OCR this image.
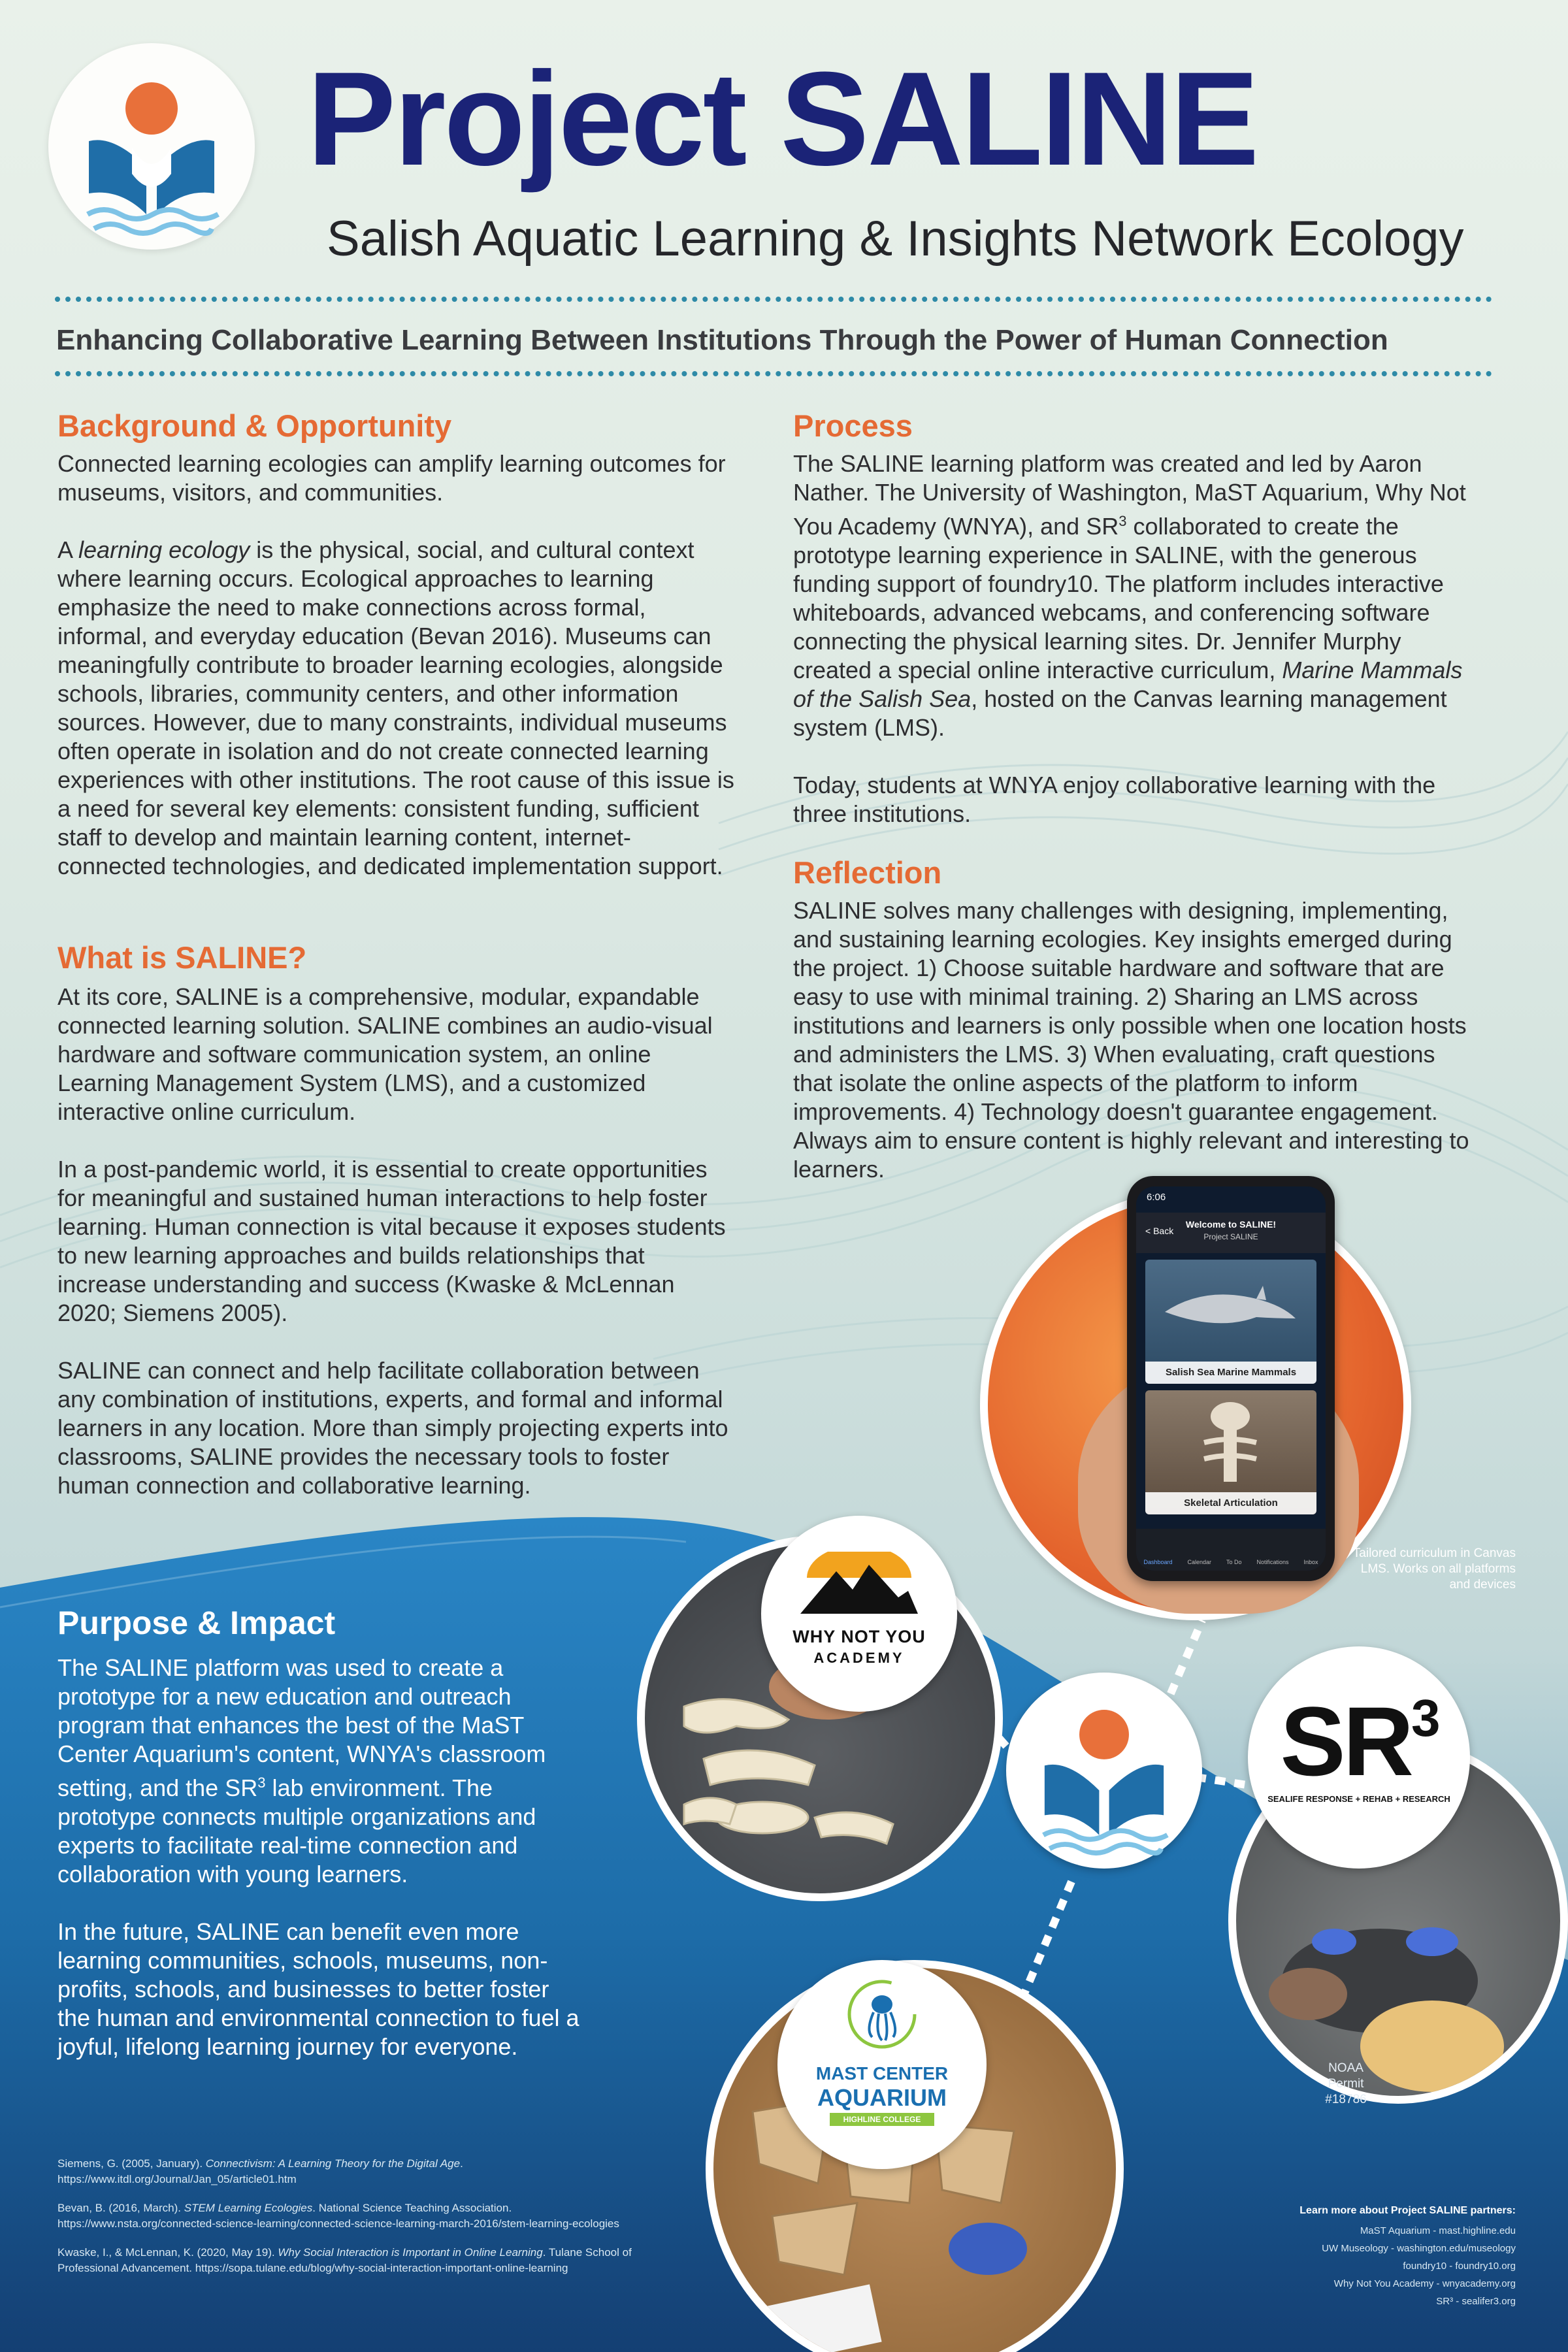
Project SALINE
Salish Aquatic Learning & Insights Network Ecology
Enhancing Collaborative Learning Between Institutions Through the Power of Human Connection
Background & Opportunity
Connected learning ecologies can amplify learning outcomes for museums, visitors, and communities.
A learning ecology is the physical, social, and cultural context where learning occurs. Ecological approaches to learning emphasize the need to make connections across formal, informal, and everyday education (Bevan 2016). Museums can meaningfully contribute to broader learning ecologies, alongside schools, libraries, community centers, and other information sources. However, due to many constraints, individual museums often operate in isolation and do not create connected learning experiences with other institutions. The root cause of this issue is a need for several key elements: consistent funding, sufficient staff to develop and maintain learning content, internet-connected technologies, and dedicated implementation support.
What is SALINE?
At its core, SALINE is a comprehensive, modular, expandable connected learning solution. SALINE combines an audio-visual hardware and software communication system, an online Learning Management System (LMS), and a customized interactive online curriculum.
In a post-pandemic world, it is essential to create opportunities for meaningful and sustained human interactions to help foster learning. Human connection is vital because it exposes students to new learning approaches and builds relationships that increase understanding and success (Kwaske & McLennan 2020; Siemens 2005).
SALINE can connect and help facilitate collaboration between any combination of institutions, experts, and formal and informal learners in any location. More than simply projecting experts into classrooms, SALINE provides the necessary tools to foster human connection and collaborative learning.
Process
The SALINE learning platform was created and led by Aaron Nather. The University of Washington, MaST Aquarium, Why Not You Academy (WNYA), and $SR^3$ collaborated to create the prototype learning experience in SALINE, with the generous funding support of foundry10. The platform includes interactive whiteboards, advanced webcams, and conferencing software connecting the physical learning sites. Dr. Jennifer Murphy created a special online interactive curriculum, Marine Mammals of the Salish Sea, hosted on the Canvas learning management system (LMS).
Today, students at WNYA enjoy collaborative learning with the three institutions.
Reflection
SALINE solves many challenges with designing, implementing, and sustaining learning ecologies. Key insights emerged during the project. 1) Choose suitable hardware and software that are easy to use with minimal training. 2) Sharing an LMS across institutions and learners is only possible when one location hosts and administers the LMS. 3) When evaluating, craft questions that isolate the online aspects of the platform to inform improvements. 4) Technology doesn't guarantee engagement. Always aim to ensure content is highly relevant and interesting to learners.
6:06
< Back
Welcome to SALINE!
Project SALINE
Salish Sea Marine Mammals
Skeletal Articulation
Dashboard	Calendar	To Do	Notifications	Inbox
Tailored curriculum in Canvas LMS. Works on all platforms and devices
WHY NOT YOU
ACADEMY
$SR^3$
SEALIFE RESPONSE + REHAB + RESEARCH
NOAA Permit #18786
MAST CENTER
AQUARIUM
HIGHLINE COLLEGE
Purpose & Impact
The SALINE platform was used to create a prototype for a new education and outreach program that enhances the best of the MaST Center Aquarium's content, WNYA's classroom setting, and the $SR^3$ lab environment. The prototype connects multiple organizations and experts to facilitate real-time connection and collaboration with young learners.
In the future, SALINE can benefit even more learning communities, schools, museums, non-profits, schools, and businesses to better foster the human and environmental connection to fuel a joyful, lifelong learning journey for everyone.
Siemens, G. (2005, January). Connectivism: A Learning Theory for the Digital Age. https://www.itdl.org/Journal/Jan_05/article01.htm
Bevan, B. (2016, March). STEM Learning Ecologies. National Science Teaching Association. https://www.nsta.org/connected-science-learning/connected-science-learning-march-2016/stem-learning-ecologies
Kwaske, I., & McLennan, K. (2020, May 19). Why Social Interaction is Important in Online Learning. Tulane School of Professional Advancement. https://sopa.tulane.edu/blog/why-social-interaction-important-online-learning
Learn more about Project SALINE partners:
MaST Aquarium - mast.highline.edu
UW Museology - washington.edu/museology
foundry10 - foundry10.org
Why Not You Academy - wnyacademy.org
SR³ - sealifer3.org
